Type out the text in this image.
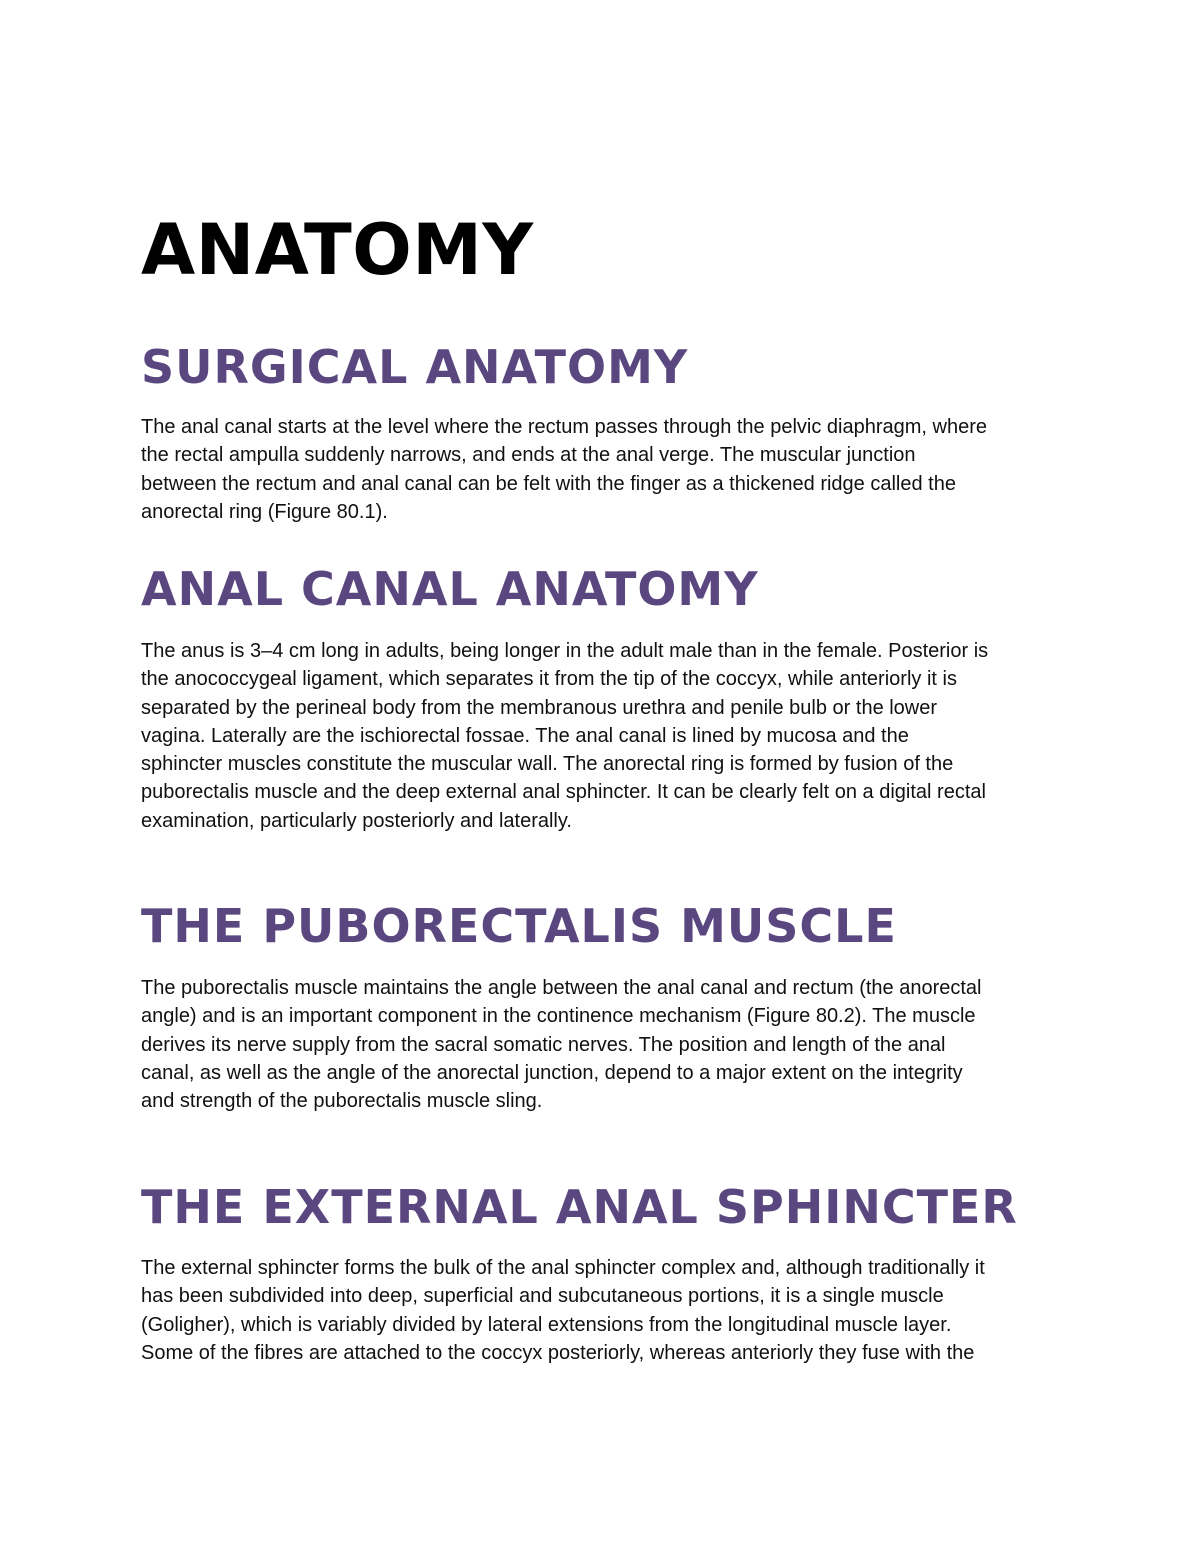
ANATOMY
SURGICAL ANATOMY

The anal canal starts at the level where the rectum passes through the pelvic diaphragm, where
the rectal ampulla suddenly narrows, and ends at the anal verge. The muscular junction
between the rectum and anal canal can be felt with the finger as a thickened ridge called the
anorectal ring (Figure 80.1).

ANAL CANAL ANATOMY

The anus is 3–4 cm long in adults, being longer in the adult male than in the female. Posterior is
the anococcygeal ligament, which separates it from the tip of the coccyx, while anteriorly it is
separated by the perineal body from the membranous urethra and penile bulb or the lower
vagina. Laterally are the ischiorectal fossae. The anal canal is lined by mucosa and the
sphincter muscles constitute the muscular wall. The anorectal ring is formed by fusion of the
puborectalis muscle and the deep external anal sphincter. It can be clearly felt on a digital rectal
examination, particularly posteriorly and laterally.

THE PUBORECTALIS MUSCLE

The puborectalis muscle maintains the angle between the anal canal and rectum (the anorectal
angle) and is an important component in the continence mechanism (Figure 80.2). The muscle
derives its nerve supply from the sacral somatic nerves. The position and length of the anal
canal, as well as the angle of the anorectal junction, depend to a major extent on the integrity
and strength of the puborectalis muscle sling.

THE EXTERNAL ANAL SPHINCTER

The external sphincter forms the bulk of the anal sphincter complex and, although traditionally it
has been subdivided into deep, superficial and subcutaneous portions, it is a single muscle
(Goligher), which is variably divided by lateral extensions from the longitudinal muscle layer.
Some of the fibres are attached to the coccyx posteriorly, whereas anteriorly they fuse with the
